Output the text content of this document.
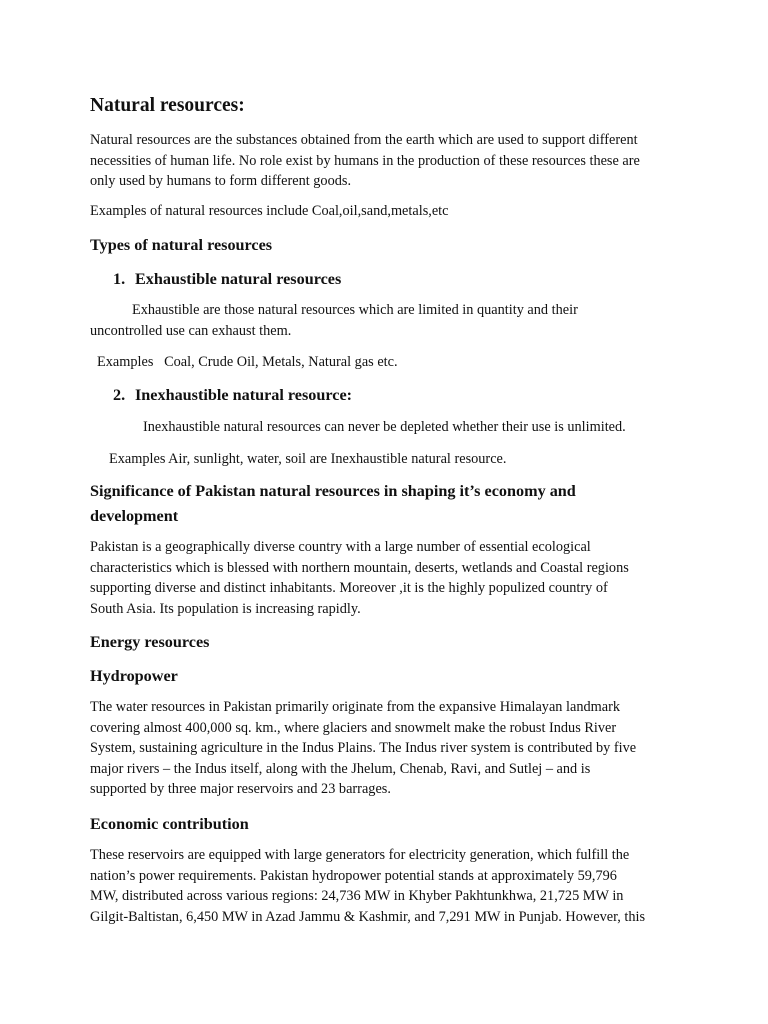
Natural resources:

Natural resources are the substances obtained from the earth which are used to support different
necessities of human life. No role exist by humans in the production of these resources these are
only used by humans to form different goods.

Examples of natural resources include Coal,oil,sand,metals,etc

Types of natural resources
1. Exhaustible natural resources

Exhaustible are those natural resources which are limited in quantity and their
uncontrolled use can exhaust them.

Examples   Coal, Crude Oil, Metals, Natural gas etc.

2. Inexhaustible natural resource:

Inexhaustible natural resources can never be depleted whether their use is unlimited.

Examples Air, sunlight, water, soil are Inexhaustible natural resource.

Significance of Pakistan natural resources in shaping it’s economy and
development

Pakistan is a geographically diverse country with a large number of essential ecological
characteristics which is blessed with northern mountain, deserts, wetlands and Coastal regions
supporting diverse and distinct inhabitants. Moreover ,it is the highly populized country of
South Asia. Its population is increasing rapidly.

Energy resources
Hydropower

The water resources in Pakistan primarily originate from the expansive Himalayan landmark
covering almost 400,000 sq. km., where glaciers and snowmelt make the robust Indus River
System, sustaining agriculture in the Indus Plains. The Indus river system is contributed by five
major rivers – the Indus itself, along with the Jhelum, Chenab, Ravi, and Sutlej – and is
supported by three major reservoirs and 23 barrages.

Economic contribution

These reservoirs are equipped with large generators for electricity generation, which fulfill the
nation’s power requirements. Pakistan hydropower potential stands at approximately 59,796
MW, distributed across various regions: 24,736 MW in Khyber Pakhtunkhwa, 21,725 MW in
Gilgit-Baltistan, 6,450 MW in Azad Jammu & Kashmir, and 7,291 MW in Punjab. However, this
